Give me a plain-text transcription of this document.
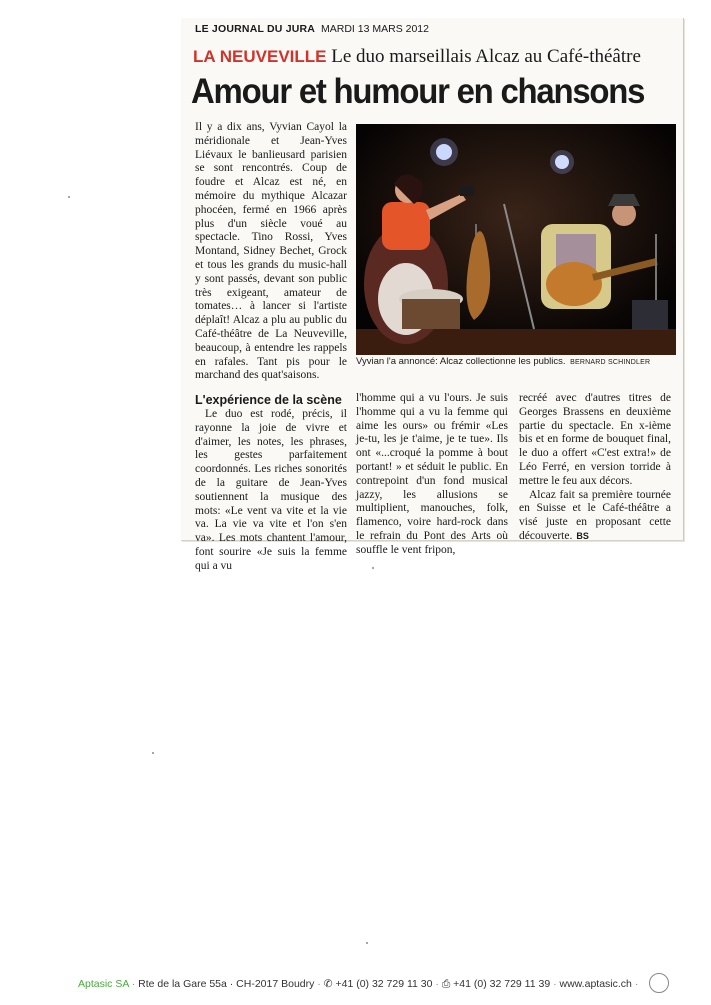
LE JOURNAL DU JURA MARDI 13 MARS 2012
LA NEUVEVILLE Le duo marseillais Alcaz au Café-théâtre
Amour et humour en chansons

Il y a dix ans, Vyvian Cayol la méridionale et Jean-Yves Liévaux le banlieusard parisien se sont rencontrés. Coup de foudre et Alcaz est né, en mémoire du mythique Alcazar phocéen, fermé en 1966 après plus d'un siècle voué au spectacle. Tino Rossi, Yves Montand, Sidney Bechet, Grock et tous les grands du music-hall y sont passés, devant son public très exigeant, amateur de tomates… à lancer si l'artiste déplaît! Alcaz a plu au public du Café-théâtre de La Neuveville, beaucoup, à entendre les rappels en rafales. Tant pis pour le marchand des quat'saisons.

Vyvian l'a annoncé: Alcaz collectionne les publics. BERNARD SCHINDLER
L'expérience de la scène

Le duo est rodé, précis, il rayonne la joie de vivre et d'aimer, les notes, les phrases, les gestes parfaitement coordonnés. Les riches sonorités de la guitare de Jean-Yves soutiennent la musique des mots: «Le vent va vite et la vie va. La vie va vite et l'on s'en va». Les mots chantent l'amour, font sourire «Je suis la femme qui a vu

l'homme qui a vu l'ours. Je suis l'homme qui a vu la femme qui aime les ours» ou frémir «Les je-tu, les je t'aime, je te tue». Ils ont «...croqué la pomme à bout portant! » et séduit le public. En contrepoint d'un fond musical jazzy, les allusions se multiplient, manouches, folk, flamenco, voire hard-rock dans le refrain du Pont des Arts où souffle le vent fripon,

recréé avec d'autres titres de Georges Brassens en deuxième partie du spectacle. En x-ième bis et en forme de bouquet final, le duo a offert «C'est extra!» de Léo Ferré, en version torride à mettre le feu aux décors.

Alcaz fait sa première tournée en Suisse et le Café-théâtre a visé juste en proposant cette découverte. BS

Aptasic SA · Rte de la Gare 55a · CH-2017 Boudry · ✆ +41 (0) 32 729 11 30 · ⎙ +41 (0) 32 729 11 39 · www.aptasic.ch ·
